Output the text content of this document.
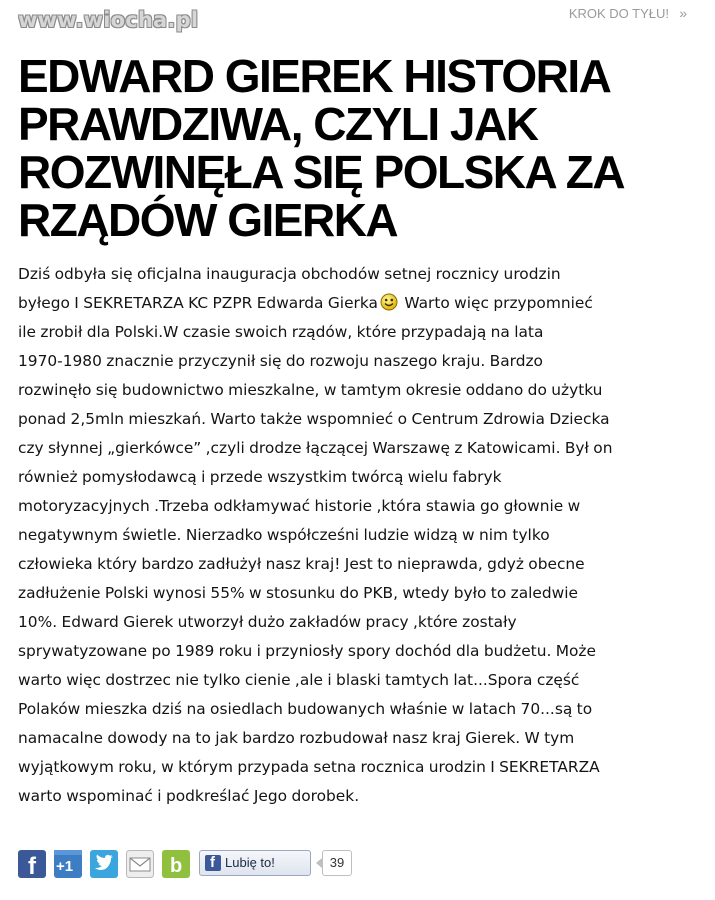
www.wiocha.pl	KROK DO TYŁU! »
EDWARD GIEREK HISTORIA PRAWDZIWA, CZYLI JAK ROZWINĘŁA SIĘ POLSKA ZA RZĄDÓW GIERKA
Dziś odbyła się oficjalna inauguracja obchodów setnej rocznicy urodzin
byłego I SEKRETARZA KC PZPR Edwarda Gierka Warto więc przypomnieć
ile zrobił dla Polski.W czasie swoich rządów, które przypadają na lata
1970-1980 znacznie przyczynił się do rozwoju naszego kraju. Bardzo
rozwinęło się budownictwo mieszkalne, w tamtym okresie oddano do użytku
ponad 2,5mln mieszkań. Warto także wspomnieć o Centrum Zdrowia Dziecka
czy słynnej „gierkówce” ,czyli drodze łączącej Warszawę z Katowicami. Był on
również pomysłodawcą i przede wszystkim twórcą wielu fabryk
motoryzacyjnych .Trzeba odkłamywać historie ,która stawia go głownie w
negatywnym świetle. Nierzadko współcześni ludzie widzą w nim tylko
człowieka który bardzo zadłużył nasz kraj! Jest to nieprawda, gdyż obecne
zadłużenie Polski wynosi 55% w stosunku do PKB, wtedy było to zaledwie
10%. Edward Gierek utworzył dużo zakładów pracy ,które zostały
sprywatyzowane po 1989 roku i przyniosły spory dochód dla budżetu. Może
warto więc dostrzec nie tylko cienie ,ale i blaski tamtych lat...Spora część
Polaków mieszka dziś na osiedlach budowanych właśnie w latach 70...są to
namacalne dowody na to jak bardzo rozbudował nasz kraj Gierek. W tym
wyjątkowym roku, w którym przypada setna rocznica urodzin I SEKRETARZA
warto wspominać i podkreślać Jego dorobek.
f +1	b f Lubię to!	39
